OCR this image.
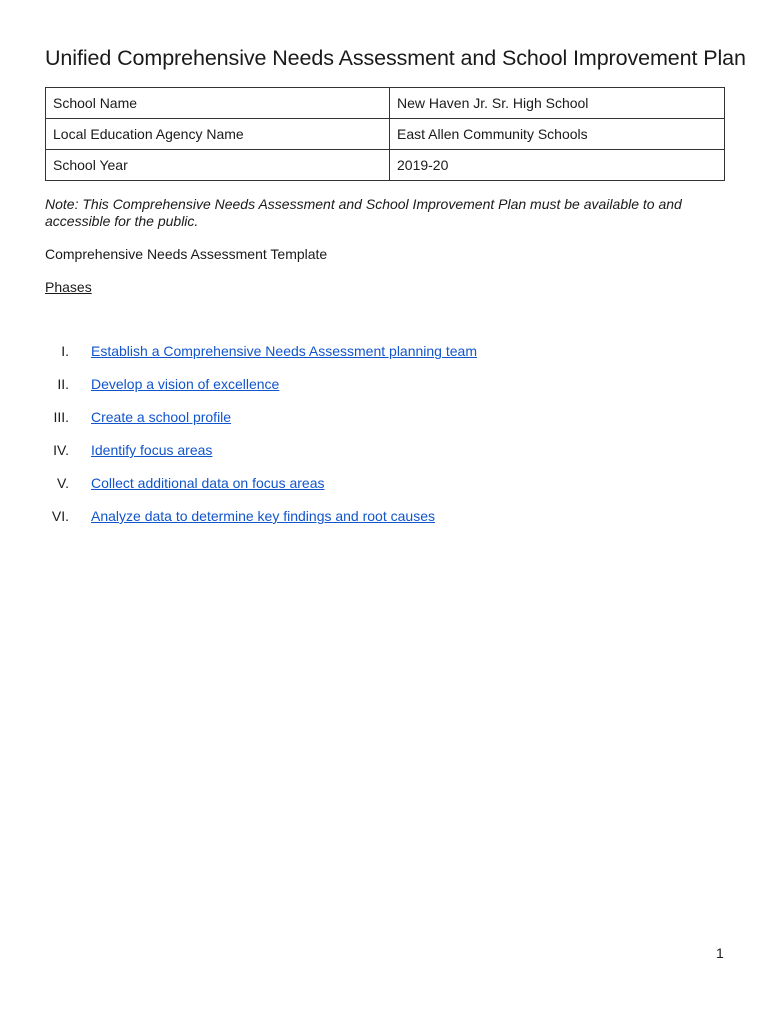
Unified Comprehensive Needs Assessment and School Improvement Plan
School Name	New Haven Jr. Sr. High School
Local Education Agency Name	East Allen Community Schools
School Year	2019-20

Note: This Comprehensive Needs Assessment and School Improvement Plan must be available to and accessible for the public.

Comprehensive Needs Assessment Template

Phases

I. Establish a Comprehensive Needs Assessment planning team
II. Develop a vision of excellence
III. Create a school profile
IV. Identify focus areas
V. Collect additional data on focus areas
VI. Analyze data to determine key findings and root causes
1
